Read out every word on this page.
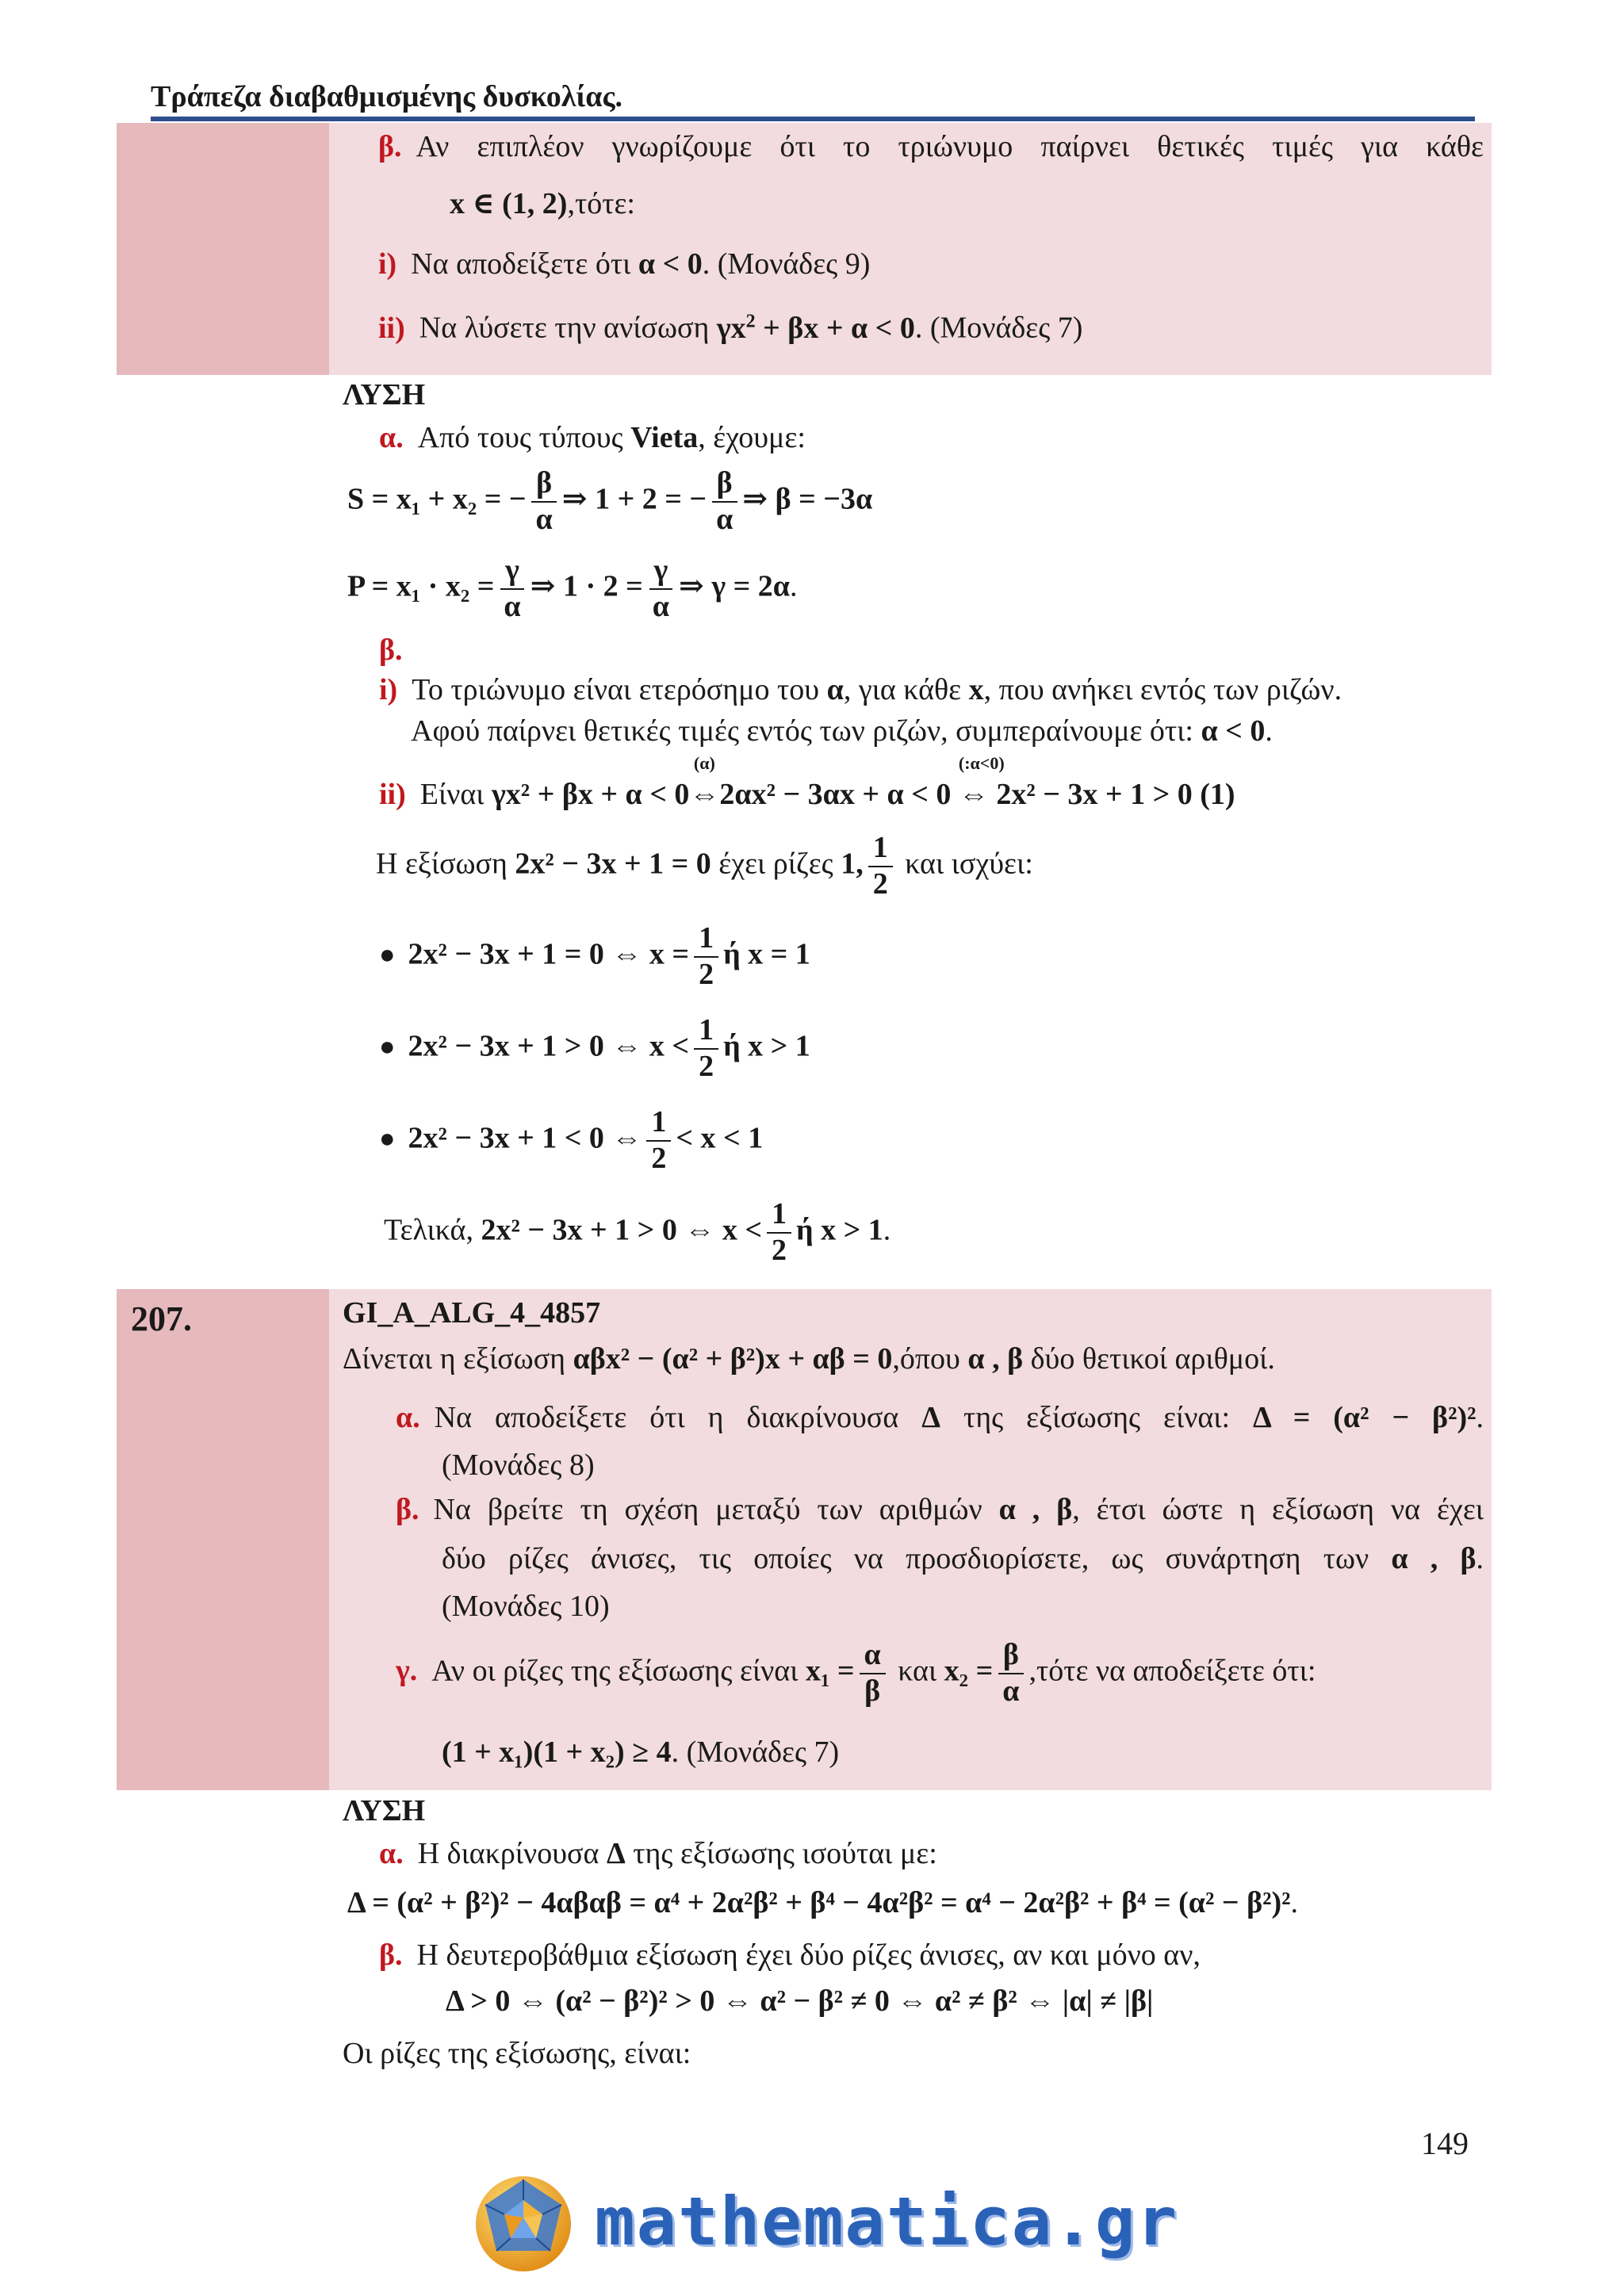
Τράπεζα διαβαθμισμένης δυσκολίας.
β. Αν επιπλέον γνωρίζουμε ότι το τριώνυμο παίρνει θετικές τιμές για κάθε
x ∈ (1, 2),τότε:
i) Να αποδείξετε ότι α < 0. (Μονάδες 9)
ii) Να λύσετε την ανίσωση $\gamma x^2 + \beta x + \alpha < 0$. (Μονάδες 7)
ΛΥΣΗ
α. Από τους τύπους Vieta, έχουμε:
S = x₁ + x₂ = − $\frac{\beta}{\alpha}$ ⇒ 1 + 2 = − $\frac{\beta}{\alpha}$ ⇒ β = −3α
$P = x_1 \cdot x_2 = \frac{\gamma}{\alpha}$ ⇒ $1 \cdot 2 = \frac{\gamma}{\alpha}$ ⇒ γ = 2α.
β.
i) Το τριώνυμο είναι ετερόσημο του α, για κάθε x, που ανήκει εντός των ριζών.
Αφού παίρνει θετικές τιμές εντός των ριζών, συμπεραίνουμε ότι: α < 0.
ii) Είναι γx² + βx + α < 0
(α)
⇔2αx² − 3αx + α < 0
(:α<0)
⇔ 2x² − 3x + 1 > 0 (1)
Η εξίσωση 2x² − 3x + 1 = 0 έχει ρίζες 1, $\frac{1}{2}$ και ισχύει:
● 2x² − 3x + 1 = 0 ⇔ $x = \frac{1}{2}$ ή x = 1
● 2x² − 3x + 1 > 0 ⇔ $x < \frac{1}{2}$ ή x > 1
● 2x² − 3x + 1 < 0 ⇔ $\frac{1}{2} < x < 1$
Τελικά, 2x² − 3x + 1 > 0 ⇔ $x < \frac{1}{2}$ ή x > 1.
207.	GI_A_ALG_4_4857
Δίνεται η εξίσωση αβx² − (α² + β²)x + αβ = 0,όπου α , β δύο θετικοί αριθμοί.
α. Να αποδείξετε ότι η διακρίνουσα Δ της εξίσωσης είναι: Δ = (α² − β²)².
(Μονάδες 8)
β. Να βρείτε τη σχέση μεταξύ των αριθμών α , β, έτσι ώστε η εξίσωση να έχει
δύο ρίζες άνισες, τις οποίες να προσδιορίσετε, ως συνάρτηση των α , β.
(Μονάδες 10)
γ. Αν οι ρίζες της εξίσωσης είναι $x_1 = \frac{\alpha}{\beta}$ και $x_2 = \frac{\beta}{\alpha} ,\tau ό\tau\varepsilon$ να αποδείξετε ότι:
(1 + x₁)(1 + x₂) ≥ 4. (Μονάδες 7)
ΛΥΣΗ
α. Η διακρίνουσα Δ της εξίσωσης ισούται με:
Δ = (α² + β²)² − 4αβαβ = α⁴ + 2α²β² + β⁴ − 4α²β² = α⁴ − 2α²β² + β⁴ = (α² − β²)².
β. Η δευτεροβάθμια εξίσωση έχει δύο ρίζες άνισες, αν και μόνο αν,
Δ > 0 ⇔ (α² − β²)² > 0 ⇔ α² − β² ≠ 0 ⇔ α² ≠ β² ⇔ |α| ≠ |β|
Οι ρίζες της εξίσωσης, είναι:
149
mathematica.gr
